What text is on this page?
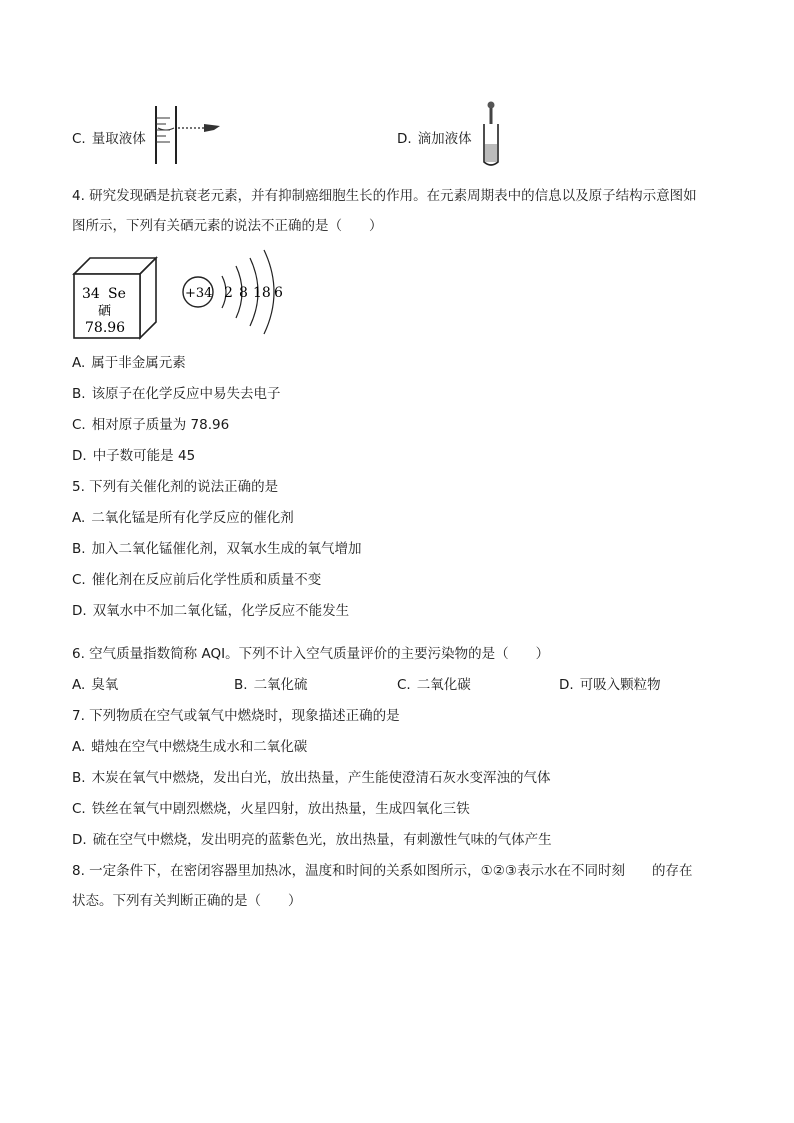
C. 量取液体	D. 滴加液体
4. 研究发现硒是抗衰老元素，并有抑制癌细胞生长的作用。在元素周期表中的信息以及原子结构示意图如
图所示，下列有关硒元素的说法不正确的是（　　）
34 Se
硒
78.96
+34 2 8 18 6
A. 属于非金属元素
B. 该原子在化学反应中易失去电子
C. 相对原子质量为 78.96
D. 中子数可能是 45
5. 下列有关催化剂的说法正确的是
A. 二氧化锰是所有化学反应的催化剂
B. 加入二氧化锰催化剂，双氧水生成的氧气增加
C. 催化剂在反应前后化学性质和质量不变
D. 双氧水中不加二氧化锰，化学反应不能发生
6. 空气质量指数简称 AQI。下列不计入空气质量评价的主要污染物的是（　　）
A. 臭氧	B. 二氧化硫	C. 二氧化碳	D. 可吸入颗粒物
7. 下列物质在空气或氧气中燃烧时，现象描述正确的是
A. 蜡烛在空气中燃烧生成水和二氧化碳
B. 木炭在氧气中燃烧，发出白光，放出热量，产生能使澄清石灰水变浑浊的气体
C. 铁丝在氧气中剧烈燃烧，火星四射，放出热量，生成四氧化三铁
D. 硫在空气中燃烧，发出明亮的蓝紫色光，放出热量，有刺激性气味的气体产生
8. 一定条件下，在密闭容器里加热冰，温度和时间的关系如图所示，①②③表示水在不同时刻　　的存在
状态。下列有关判断正确的是（　　）
